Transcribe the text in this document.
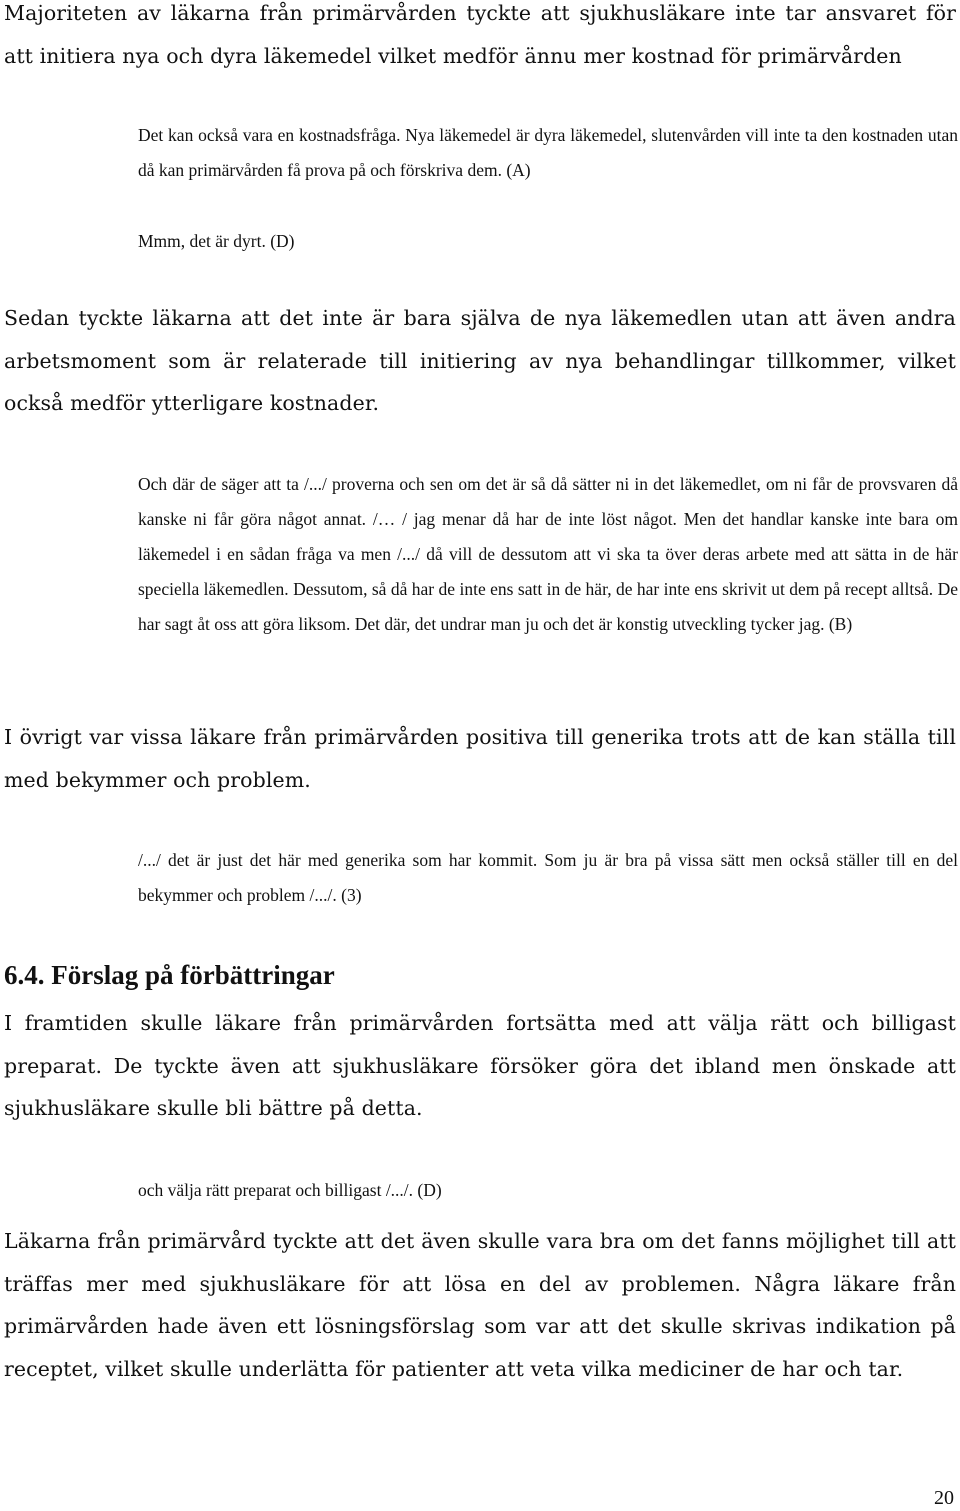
Majoriteten av läkarna från primärvården tyckte att sjukhusläkare inte tar ansvaret för att initiera nya och dyra läkemedel vilket medför ännu mer kostnad för primärvården

Det kan också vara en kostnadsfråga. Nya läkemedel är dyra läkemedel, slutenvården vill inte ta den kostnaden utan då kan primärvården få prova på och förskriva dem. (A)

Mmm, det är dyrt. (D)

Sedan tyckte läkarna att det inte är bara själva de nya läkemedlen utan att även andra arbetsmoment som är relaterade till initiering av nya behandlingar tillkommer, vilket också medför ytterligare kostnader.

Och där de säger att ta /.../ proverna och sen om det är så då sätter ni in det läkemedlet, om ni får de provsvaren då kanske ni får göra något annat. /… / jag menar då har de inte löst något. Men det handlar kanske inte bara om läkemedel i en sådan fråga va men /.../ då vill de dessutom att vi ska ta över deras arbete med att sätta in de här speciella läkemedlen. Dessutom, så då har de inte ens satt in de här, de har inte ens skrivit ut dem på recept alltså. De har sagt åt oss att göra liksom. Det där, det undrar man ju och det är konstig utveckling tycker jag. (B)

I övrigt var vissa läkare från primärvården positiva till generika trots att de kan ställa till med bekymmer och problem.

/.../ det är just det här med generika som har kommit. Som ju är bra på vissa sätt men också ställer till en del bekymmer och problem /.../. (3)

6.4. Förslag på förbättringar

I framtiden skulle läkare från primärvården fortsätta med att välja rätt och billigast preparat. De tyckte även att sjukhusläkare försöker göra det ibland men önskade att sjukhusläkare skulle bli bättre på detta.

och välja rätt preparat och billigast /.../. (D)

Läkarna från primärvård tyckte att det även skulle vara bra om det fanns möjlighet till att träffas mer med sjukhusläkare för att lösa en del av problemen. Några läkare från primärvården hade även ett lösningsförslag som var att det skulle skrivas indikation på receptet, vilket skulle underlätta för patienter att veta vilka mediciner de har och tar.

20
